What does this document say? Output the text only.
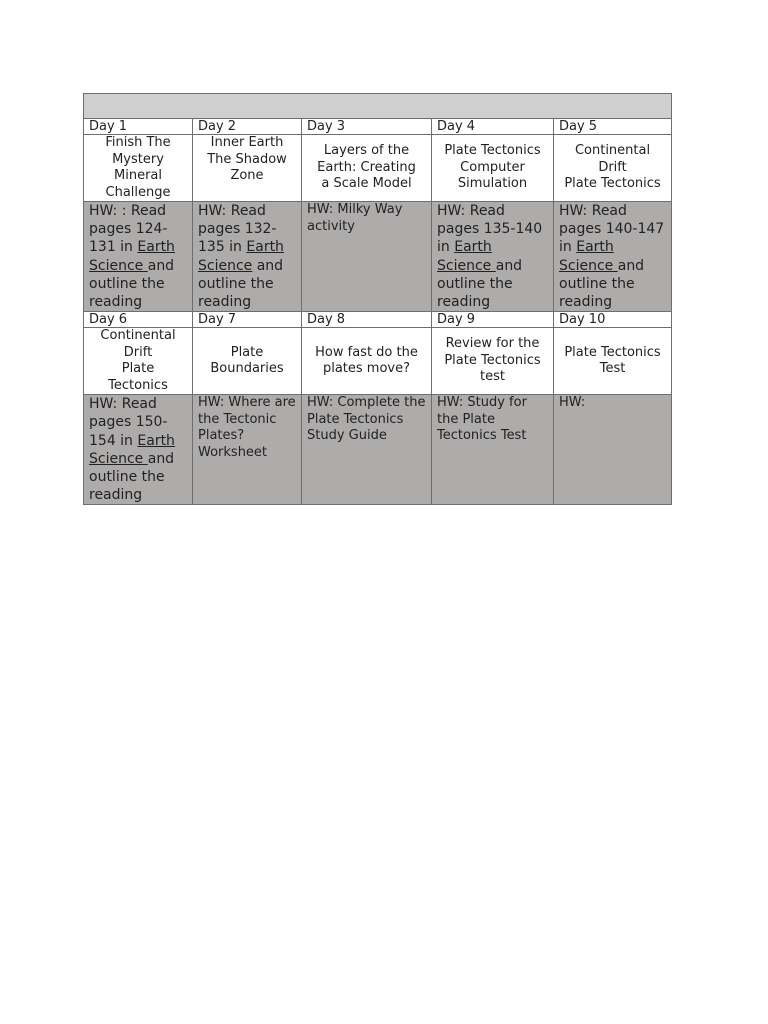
Day 1	Day 2	Day 3	Day 4	Day 5

Finish The
Mystery
Mineral
Challenge	Inner Earth
The Shadow
Zone	Layers of the
Earth: Creating
a Scale Model	Plate Tectonics
Computer
Simulation	Continental
Drift
Plate Tectonics

HW: : Read pages 124-131 in Earth Science and outline the reading	HW: Read pages 132-135 in Earth Science and outline the reading	HW: Milky Way activity	HW: Read pages 135-140 in Earth Science and outline the reading	HW: Read pages 140-147 in Earth Science and outline the reading
Day 6	Day 7	Day 8	Day 9	Day 10

Continental
Drift
Plate
Tectonics	Plate
Boundaries	How fast do the
plates move?	Review for the
Plate Tectonics
test	Plate Tectonics
Test

HW: Read pages 150-154 in Earth Science and outline the reading	HW: Where are the Tectonic Plates? Worksheet	HW: Complete the Plate Tectonics Study Guide	HW: Study for the Plate Tectonics Test	HW:
